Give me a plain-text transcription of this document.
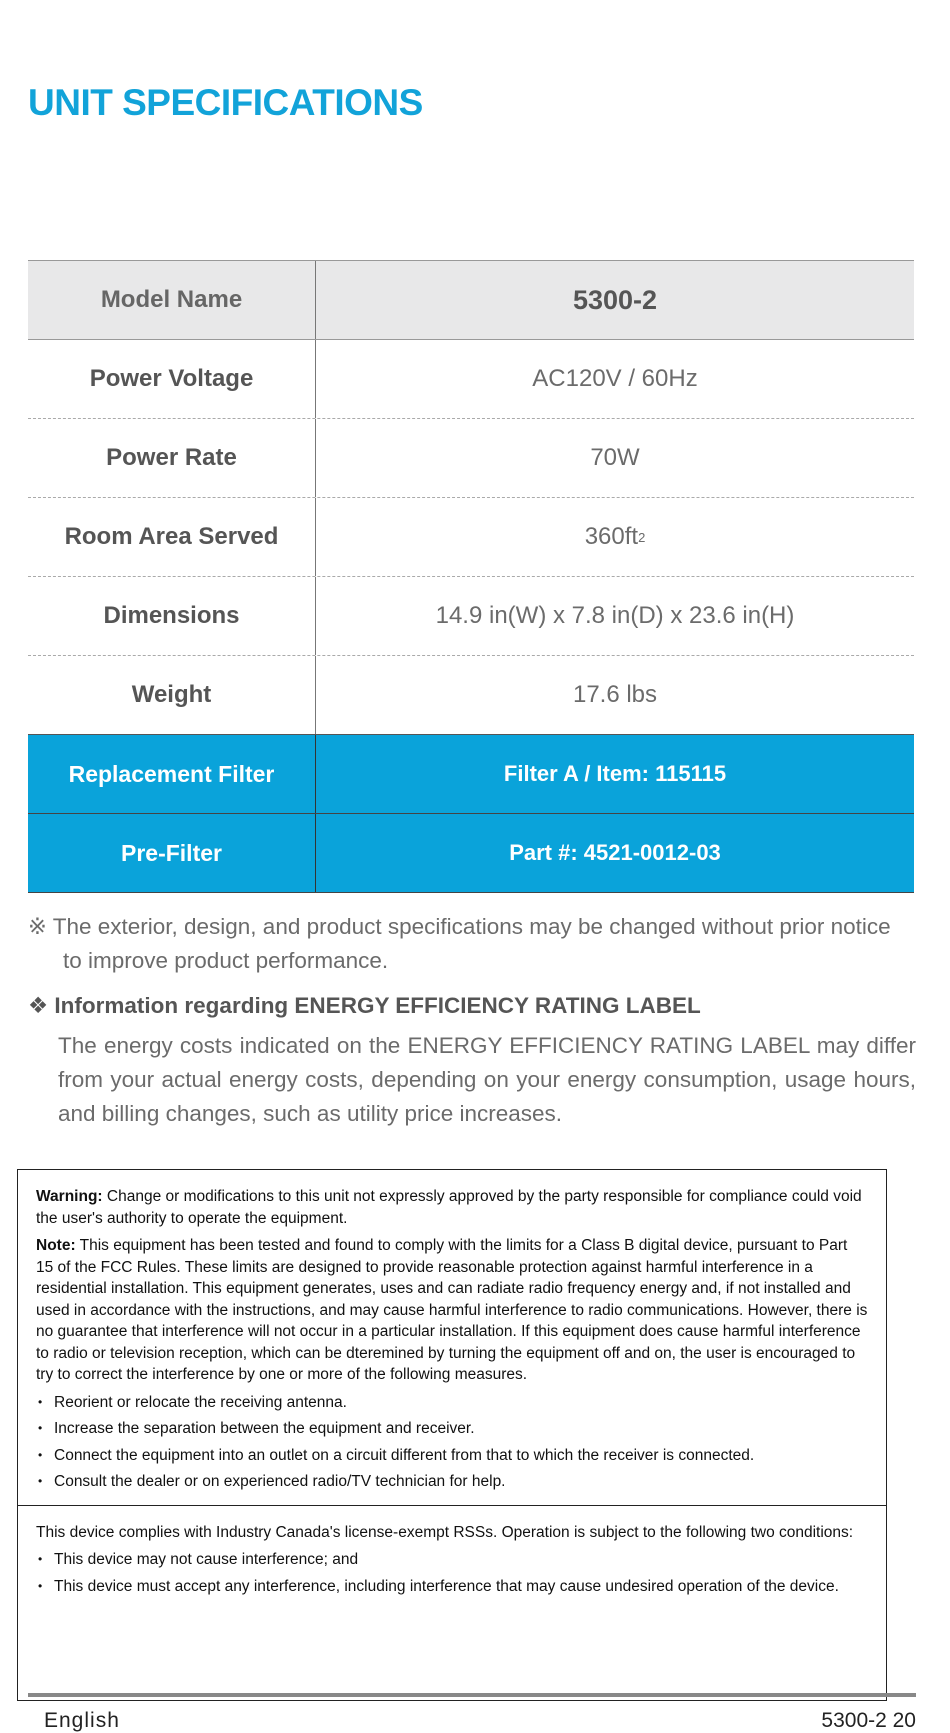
UNIT SPECIFICATIONS
Model Name	5300-2
Power Voltage	AC120V / 60Hz
Power Rate	70W
Room Area Served	360ft 2
Dimensions	14.9 in(W) x 7.8 in(D) x 23.6 in(H)
Weight	17.6 lbs
Replacement Filter	Filter A / Item: 115115
Pre-Filter	Part #: 4521-0012-03
※ The exterior, design, and product specifications may be changed without prior notice
to improve product performance.
❖ Information regarding ENERGY EFFICIENCY RATING LABEL
The energy costs indicated on the ENERGY EFFICIENCY RATING LABEL may differ from your actual energy costs, depending on your energy consumption, usage hours, and billing changes, such as utility price increases.

Warning: Change or modifications to this unit not expressly approved by the party responsible for compliance could void the user's authority to operate the equipment.

Note: This equipment has been tested and found to comply with the limits for a Class B digital device, pursuant to Part 15 of the FCC Rules. These limits are designed to provide reasonable protection against harmful interference in a residential installation. This equipment generates, uses and can radiate radio frequency energy and, if not installed and used in accordance with the instructions, and may cause harmful interference to radio communications. However, there is no guarantee that interference will not occur in a particular installation. If this equipment does cause harmful interference to radio or television reception, which can be dteremined by turning the equipment off and on, the user is encouraged to try to correct the interference by one or more of the following measures.

• Reorient or relocate the receiving antenna.
• Increase the separation between the equipment and receiver.
• Connect the equipment into an outlet on a circuit different from that to which the receiver is connected.
• Consult the dealer or on experienced radio/TV technician for help.

This device complies with Industry Canada's license-exempt RSSs. Operation is subject to the following two conditions:

• This device may not cause interference; and
• This device must accept any interference, including interference that may cause undesired operation of the device.
English	5300-2 20
